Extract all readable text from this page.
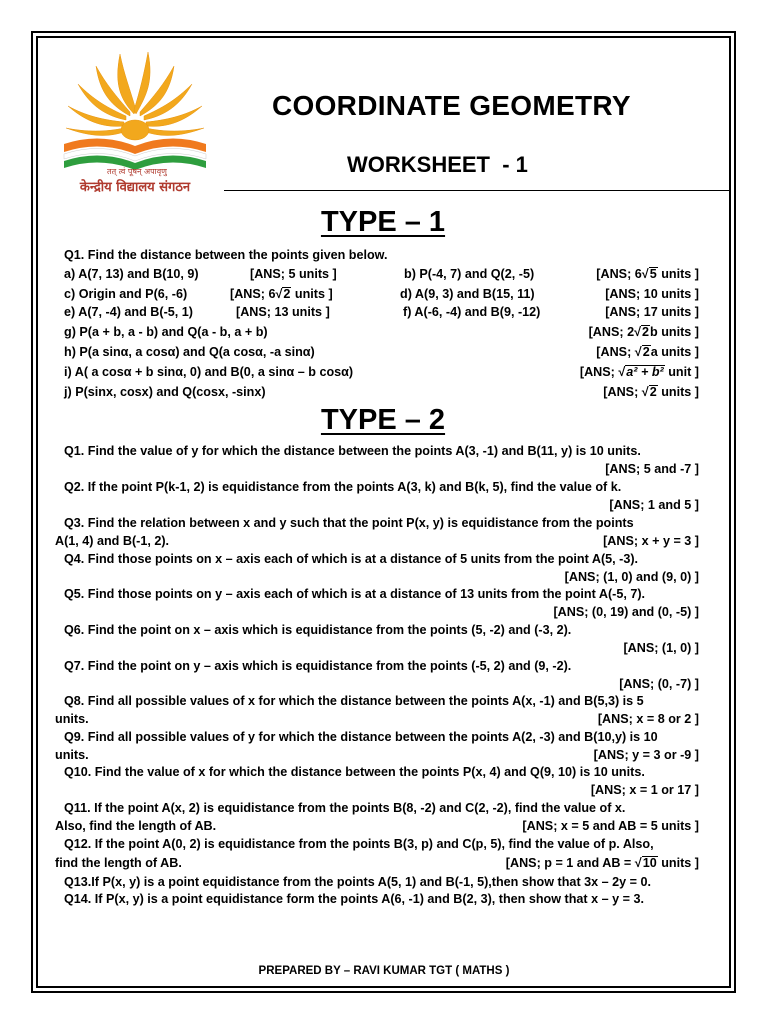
तत् त्वं पूषन् अपावृणु
केन्द्रीय विद्यालय संगठन
COORDINATE GEOMETRY
WORKSHEET  - 1
TYPE – 1
Q1. Find the distance between the points given below.
a) A(7, 13) and B(10, 9)	[ANS; 5 units ]	b) P(-4, 7) and Q(2, -5)	[ANS; 6√5 units ]
c) Origin and P(6, -6)	[ANS; 6√2 units ]	d) A(9, 3) and B(15, 11)	[ANS; 10 units ]
e) A(7, -4) and B(-5, 1)	[ANS; 13 units ]	f) A(-6, -4) and B(9, -12)	[ANS; 17 units ]
g) P(a + b, a - b) and Q(a - b, a + b)	[ANS; 2√2b units ]
h) P(a sinα, a cosα) and Q(a cosα, -a sinα)	[ANS; √2a units ]
i) A( a cosα + b sinα, 0) and B(0, a sinα – b cosα)	[ANS; √a² + b² unit ]
j) P(sinx, cosx) and Q(cosx, -sinx)	[ANS; √2 units ]
TYPE – 2
Q1. Find the value of y for which the distance between the points A(3, -1) and B(11, y) is 10 units.
[ANS; 5 and -7 ]
Q2. If the point P(k-1, 2) is equidistance from the points A(3, k) and B(k, 5), find the value of k.
[ANS; 1 and 5 ]
Q3. Find the relation between x and y such that the point P(x, y) is equidistance from the points
A(1, 4) and B(-1, 2).	[ANS; x + y = 3 ]
Q4. Find those points on x – axis each of which is at a distance of 5 units from the point A(5, -3).
[ANS; (1, 0) and (9, 0) ]
Q5. Find those points on y – axis each of which is at a distance of 13 units from the point A(-5, 7).
[ANS; (0, 19) and (0, -5) ]
Q6. Find the point on x – axis which is equidistance from the points (5, -2) and (-3, 2).
[ANS; (1, 0) ]
Q7. Find the point on y – axis which is equidistance from the points (-5, 2) and (9, -2).
[ANS; (0, -7) ]
Q8. Find all possible values of x for which the distance between the points A(x, -1) and B(5,3) is 5
units.	[ANS; x = 8 or 2 ]
Q9. Find all possible values of y for which the distance between the points A(2, -3) and B(10,y) is 10
units.	[ANS; y = 3 or -9 ]
Q10. Find the value of x for which the distance between the points P(x, 4) and Q(9, 10) is 10 units.
[ANS; x = 1 or 17 ]
Q11. If the point A(x, 2) is equidistance from the points B(8, -2) and C(2, -2), find the value of x.
Also, find the length of AB.	[ANS; x = 5 and AB = 5 units ]
Q12. If the point A(0, 2) is equidistance from the points B(3, p) and C(p, 5), find the value of p. Also,
find the length of AB.	[ANS; p = 1 and AB = √10 units ]
Q13.If P(x, y) is a point equidistance from the points A(5, 1) and B(-1, 5),then show that 3x – 2y = 0.
Q14. If P(x, y) is a point equidistance form the points A(6, -1) and B(2, 3), then show that x – y = 3.
PREPARED BY – RAVI KUMAR TGT ( MATHS )
